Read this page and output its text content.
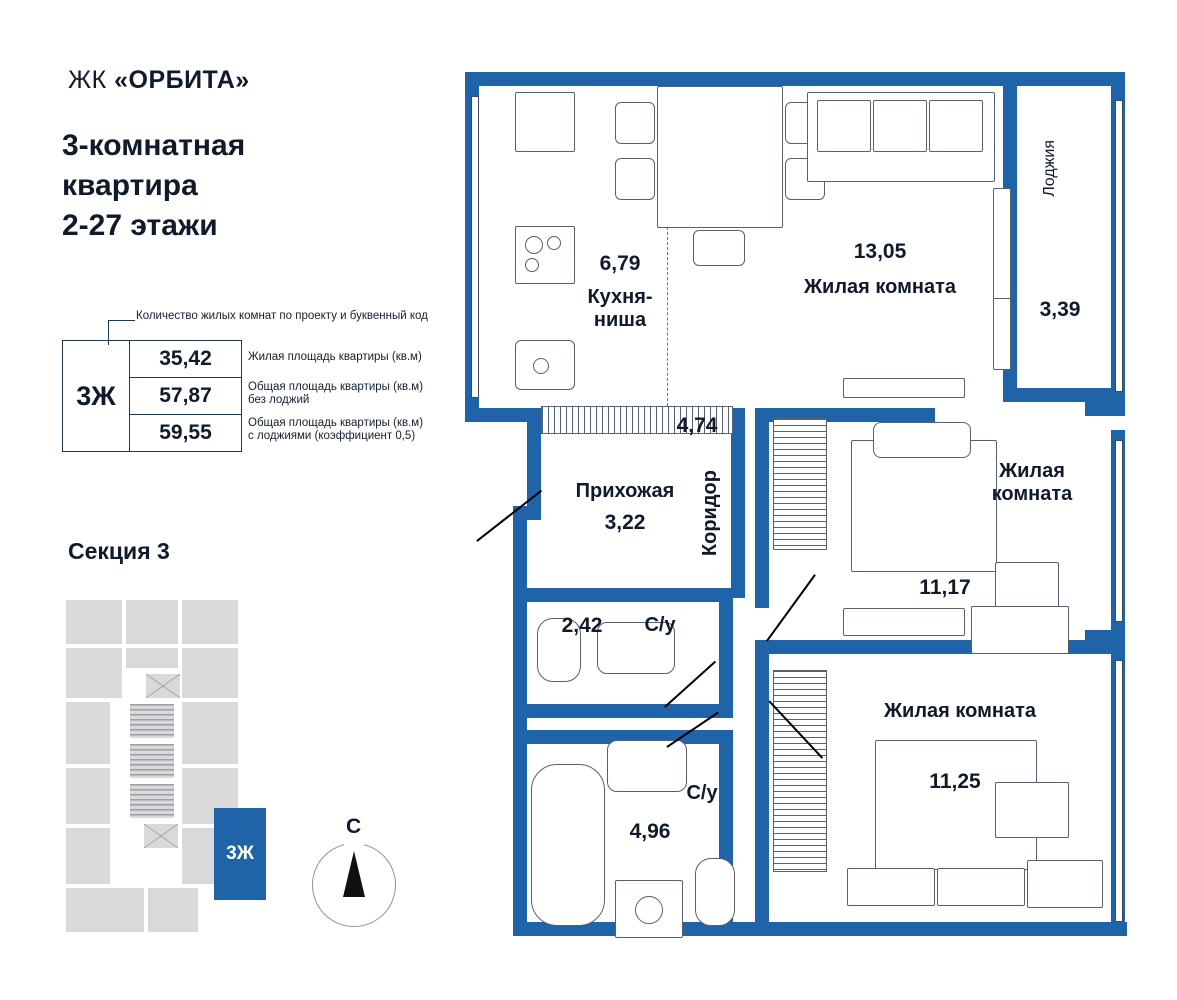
ЖК «ОРБИТА»
3-комнатная
квартира
2-27 этажи
Количество жилых комнат по проекту и буквенный код
3Ж
35,42
57,87
59,55
Жилая площадь квартиры (кв.м)
Общая площадь квартиры (кв.м)
без лоджий
Общая площадь квартиры (кв.м)
с лоджиями (коэффициент 0,5)
Секция 3
3Ж
С
6,79
Кухня-
ниша
13,05
Жилая комната
Лоджия
3,39
4,74
Коридор
Прихожая
3,22
2,42	С/у
С/у
4,96
Жилая
комната
11,17
Жилая комната
11,25
